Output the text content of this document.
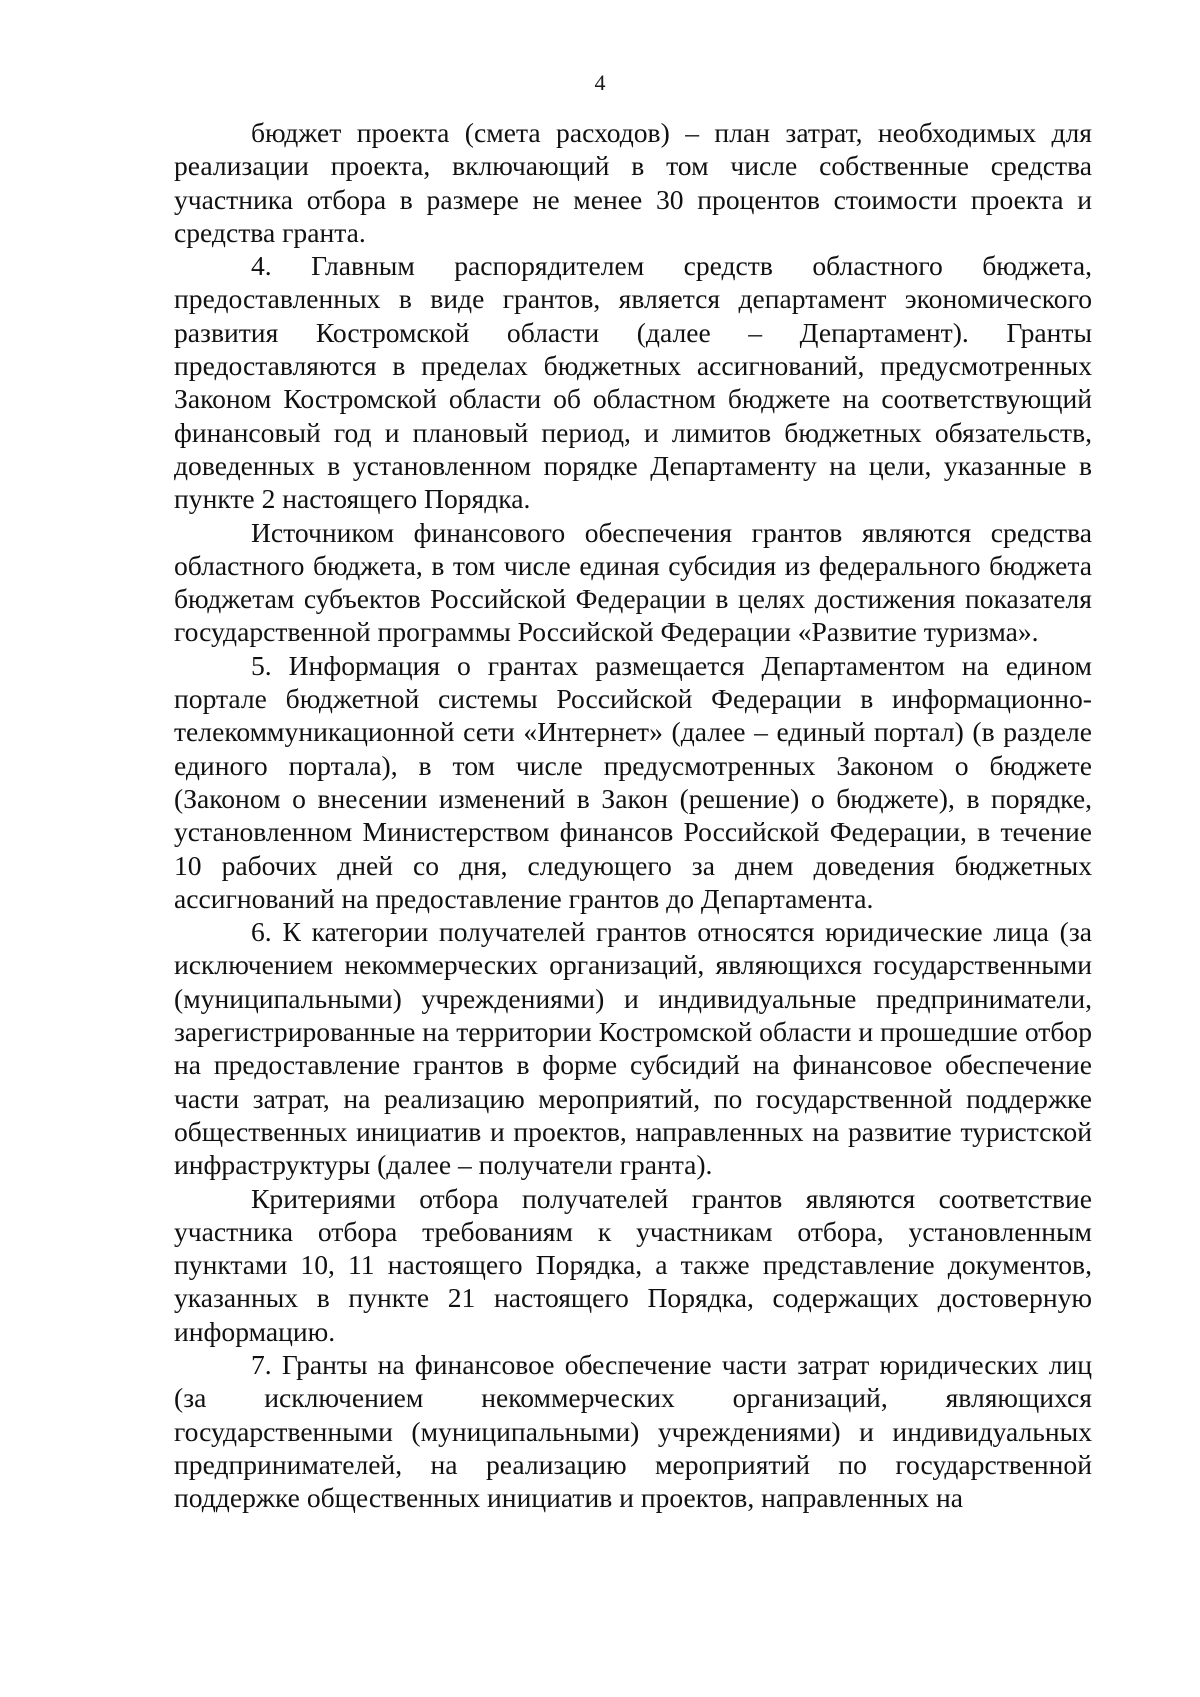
4

бюджет проекта (смета расходов) – план затрат, необходимых для реализации проекта, включающий в том числе собственные средства участника отбора в размере не менее 30 процентов стоимости проекта и средства гранта.

4. Главным распорядителем средств областного бюджета, предоставленных в виде грантов, является департамент экономического развития Костромской области (далее – Департамент). Гранты предоставляются в пределах бюджетных ассигнований, предусмотренных Законом Костромской области об областном бюджете на соответствующий финансовый год и плановый период, и лимитов бюджетных обязательств, доведенных в установленном порядке Департаменту на цели, указанные в пункте 2 настоящего Порядка.

Источником финансового обеспечения грантов являются средства областного бюджета, в том числе единая субсидия из федерального бюджета бюджетам субъектов Российской Федерации в целях достижения показателя государственной программы Российской Федерации «Развитие туризма».

5. Информация о грантах размещается Департаментом на едином портале бюджетной системы Российской Федерации в информационно-телекоммуникационной сети «Интернет» (далее – единый портал) (в разделе единого портала), в том числе предусмотренных Законом о бюджете (Законом о внесении изменений в Закон (решение) о бюджете), в порядке, установленном Министерством финансов Российской Федерации, в течение 10 рабочих дней со дня, следующего за днем доведения бюджетных ассигнований на предоставление грантов до Департамента.

6. К категории получателей грантов относятся юридические лица (за исключением некоммерческих организаций, являющихся государственными (муниципальными) учреждениями) и индивидуальные предприниматели, зарегистрированные на территории Костромской области и прошедшие отбор на предоставление грантов в форме субсидий на финансовое обеспечение части затрат, на реализацию мероприятий, по государственной поддержке общественных инициатив и проектов, направленных на развитие туристской инфраструктуры (далее – получатели гранта).

Критериями отбора получателей грантов являются соответствие участника отбора требованиям к участникам отбора, установленным пунктами 10, 11 настоящего Порядка, а также представление документов, указанных в пункте 21 настоящего Порядка, содержащих достоверную информацию.

7. Гранты на финансовое обеспечение части затрат юридических лиц (за исключением некоммерческих организаций, являющихся государственными (муниципальными) учреждениями) и индивидуальных предпринимателей, на реализацию мероприятий по государственной поддержке общественных инициатив и проектов, направленных на
